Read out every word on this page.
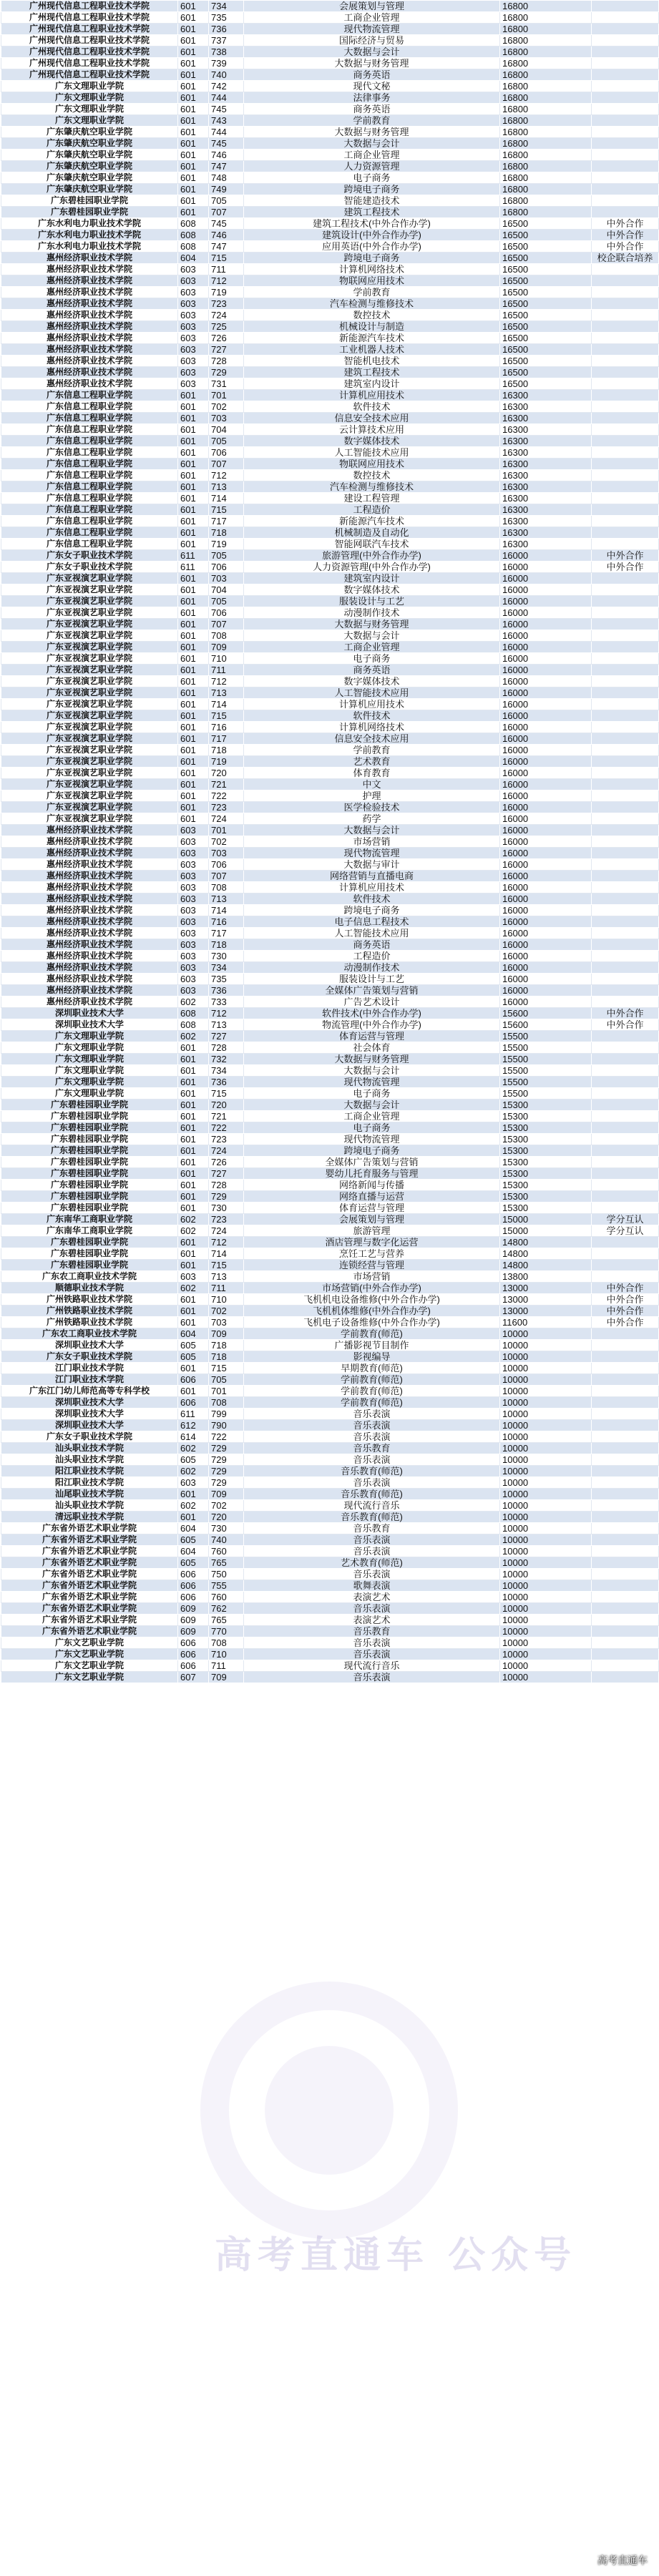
广州现代信息工程职业技术学院	601	734	会展策划与管理	16800	
广州现代信息工程职业技术学院	601	735	工商企业管理	16800	
广州现代信息工程职业技术学院	601	736	现代物流管理	16800	
广州现代信息工程职业技术学院	601	737	国际经济与贸易	16800	
广州现代信息工程职业技术学院	601	738	大数据与会计	16800	
广州现代信息工程职业技术学院	601	739	大数据与财务管理	16800	
广州现代信息工程职业技术学院	601	740	商务英语	16800	
广东文理职业学院	601	742	现代文秘	16800	
广东文理职业学院	601	744	法律事务	16800	
广东文理职业学院	601	745	商务英语	16800	
广东文理职业学院	601	743	学前教育	16800	
广东肇庆航空职业学院	601	744	大数据与财务管理	16800	
广东肇庆航空职业学院	601	745	大数据与会计	16800	
广东肇庆航空职业学院	601	746	工商企业管理	16800	
广东肇庆航空职业学院	601	747	人力资源管理	16800	
广东肇庆航空职业学院	601	748	电子商务	16800	
广东肇庆航空职业学院	601	749	跨境电子商务	16800	
广东碧桂园职业学院	601	705	智能建造技术	16800	
广东碧桂园职业学院	601	707	建筑工程技术	16800	
广东水利电力职业技术学院	608	745	建筑工程技术(中外合作办学)	16500	中外合作
广东水利电力职业技术学院	608	746	建筑设计(中外合作办学)	16500	中外合作
广东水利电力职业技术学院	608	747	应用英语(中外合作办学)	16500	中外合作
惠州经济职业技术学院	604	715	跨境电子商务	16500	校企联合培养
惠州经济职业技术学院	603	711	计算机网络技术	16500	
惠州经济职业技术学院	603	712	物联网应用技术	16500	
惠州经济职业技术学院	603	719	学前教育	16500	
惠州经济职业技术学院	603	723	汽车检测与维修技术	16500	
惠州经济职业技术学院	603	724	数控技术	16500	
惠州经济职业技术学院	603	725	机械设计与制造	16500	
惠州经济职业技术学院	603	726	新能源汽车技术	16500	
惠州经济职业技术学院	603	727	工业机器人技术	16500	
惠州经济职业技术学院	603	728	智能机电技术	16500	
惠州经济职业技术学院	603	729	建筑工程技术	16500	
惠州经济职业技术学院	603	731	建筑室内设计	16500	
广东信息工程职业学院	601	701	计算机应用技术	16300	
广东信息工程职业学院	601	702	软件技术	16300	
广东信息工程职业学院	601	703	信息安全技术应用	16300	
广东信息工程职业学院	601	704	云计算技术应用	16300	
广东信息工程职业学院	601	705	数字媒体技术	16300	
广东信息工程职业学院	601	706	人工智能技术应用	16300	
广东信息工程职业学院	601	707	物联网应用技术	16300	
广东信息工程职业学院	601	712	数控技术	16300	
广东信息工程职业学院	601	713	汽车检测与维修技术	16300	
广东信息工程职业学院	601	714	建设工程管理	16300	
广东信息工程职业学院	601	715	工程造价	16300	
广东信息工程职业学院	601	717	新能源汽车技术	16300	
广东信息工程职业学院	601	718	机械制造及自动化	16300	
广东信息工程职业学院	601	719	智能网联汽车技术	16300	
广东女子职业技术学院	611	705	旅游管理(中外合作办学)	16000	中外合作
广东女子职业技术学院	611	706	人力资源管理(中外合作办学)	16000	中外合作
广东亚视演艺职业学院	601	703	建筑室内设计	16000	
广东亚视演艺职业学院	601	704	数字媒体技术	16000	
广东亚视演艺职业学院	601	705	服装设计与工艺	16000	
广东亚视演艺职业学院	601	706	动漫制作技术	16000	
广东亚视演艺职业学院	601	707	大数据与财务管理	16000	
广东亚视演艺职业学院	601	708	大数据与会计	16000	
广东亚视演艺职业学院	601	709	工商企业管理	16000	
广东亚视演艺职业学院	601	710	电子商务	16000	
广东亚视演艺职业学院	601	711	商务英语	16000	
广东亚视演艺职业学院	601	712	数字媒体技术	16000	
广东亚视演艺职业学院	601	713	人工智能技术应用	16000	
广东亚视演艺职业学院	601	714	计算机应用技术	16000	
广东亚视演艺职业学院	601	715	软件技术	16000	
广东亚视演艺职业学院	601	716	计算机网络技术	16000	
广东亚视演艺职业学院	601	717	信息安全技术应用	16000	
广东亚视演艺职业学院	601	718	学前教育	16000	
广东亚视演艺职业学院	601	719	艺术教育	16000	
广东亚视演艺职业学院	601	720	体育教育	16000	
广东亚视演艺职业学院	601	721	中文	16000	
广东亚视演艺职业学院	601	722	护理	16000	
广东亚视演艺职业学院	601	723	医学检验技术	16000	
广东亚视演艺职业学院	601	724	药学	16000	
惠州经济职业技术学院	603	701	大数据与会计	16000	
惠州经济职业技术学院	603	702	市场营销	16000	
惠州经济职业技术学院	603	703	现代物流管理	16000	
惠州经济职业技术学院	603	706	大数据与审计	16000	
惠州经济职业技术学院	603	707	网络营销与直播电商	16000	
惠州经济职业技术学院	603	708	计算机应用技术	16000	
惠州经济职业技术学院	603	713	软件技术	16000	
惠州经济职业技术学院	603	714	跨境电子商务	16000	
惠州经济职业技术学院	603	716	电子信息工程技术	16000	
惠州经济职业技术学院	603	717	人工智能技术应用	16000	
惠州经济职业技术学院	603	718	商务英语	16000	
惠州经济职业技术学院	603	730	工程造价	16000	
惠州经济职业技术学院	603	734	动漫制作技术	16000	
惠州经济职业技术学院	603	735	服装设计与工艺	16000	
惠州经济职业技术学院	603	736	全媒体广告策划与营销	16000	
惠州经济职业技术学院	602	733	广告艺术设计	16000	
深圳职业技术大学	608	712	软件技术(中外合作办学)	15600	中外合作
深圳职业技术大学	608	713	物流管理(中外合作办学)	15600	中外合作
广东文理职业学院	602	727	体育运营与管理	15500	
广东文理职业学院	601	728	社会体育	15500	
广东文理职业学院	601	732	大数据与财务管理	15500	
广东文理职业学院	601	734	大数据与会计	15500	
广东文理职业学院	601	736	现代物流管理	15500	
广东文理职业学院	601	715	电子商务	15500	
广东碧桂园职业学院	601	720	大数据与会计	15300	
广东碧桂园职业学院	601	721	工商企业管理	15300	
广东碧桂园职业学院	601	722	电子商务	15300	
广东碧桂园职业学院	601	723	现代物流管理	15300	
广东碧桂园职业学院	601	724	跨境电子商务	15300	
广东碧桂园职业学院	601	726	全媒体广告策划与营销	15300	
广东碧桂园职业学院	601	727	婴幼儿托育服务与管理	15300	
广东碧桂园职业学院	601	728	网络新闻与传播	15300	
广东碧桂园职业学院	601	729	网络直播与运营	15300	
广东碧桂园职业学院	601	730	体育运营与管理	15300	
广东南华工商职业学院	602	723	会展策划与管理	15000	学分互认
广东南华工商职业学院	602	724	旅游管理	15000	学分互认
广东碧桂园职业学院	601	712	酒店管理与数字化运营	14800	
广东碧桂园职业学院	601	714	烹饪工艺与营养	14800	
广东碧桂园职业学院	601	715	连锁经营与管理	14800	
广东农工商职业技术学院	603	713	市场营销	13800	
顺德职业技术学院	602	711	市场营销(中外合作办学)	13000	中外合作
广州铁路职业技术学院	601	710	飞机机电设备维修(中外合作办学)	13000	中外合作
广州铁路职业技术学院	601	702	飞机机体维修(中外合作办学)	13000	中外合作
广州铁路职业技术学院	601	703	飞机电子设备维修(中外合作办学)	11600	中外合作
广东农工商职业技术学院	604	709	学前教育(师范)	10000	
深圳职业技术大学	605	718	广播影视节目制作	10000	
广东女子职业技术学院	605	718	影视编导	10000	
江门职业技术学院	601	715	早期教育(师范)	10000	
江门职业技术学院	606	705	学前教育(师范)	10000	
广东江门幼儿师范高等专科学校	601	701	学前教育(师范)	10000	
深圳职业技术大学	606	708	学前教育(师范)	10000	
深圳职业技术大学	611	799	音乐表演	10000	
深圳职业技术大学	612	790	音乐表演	10000	
广东女子职业技术学院	614	722	音乐表演	10000	
汕头职业技术学院	602	729	音乐教育	10000	
汕头职业技术学院	605	729	音乐表演	10000	
阳江职业技术学院	602	729	音乐教育(师范)	10000	
阳江职业技术学院	603	729	音乐表演	10000	
汕尾职业技术学院	601	709	音乐教育(师范)	10000	
汕头职业技术学院	602	702	现代流行音乐	10000	
清远职业技术学院	601	720	音乐教育(师范)	10000	
广东省外语艺术职业学院	604	730	音乐教育	10000	
广东省外语艺术职业学院	605	740	音乐表演	10000	
广东省外语艺术职业学院	604	760	音乐表演	10000	
广东省外语艺术职业学院	605	765	艺术教育(师范)	10000	
广东省外语艺术职业学院	606	750	音乐表演	10000	
广东省外语艺术职业学院	606	755	歌舞表演	10000	
广东省外语艺术职业学院	606	760	表演艺术	10000	
广东省外语艺术职业学院	609	762	音乐表演	10000	
广东省外语艺术职业学院	609	765	表演艺术	10000	
广东省外语艺术职业学院	609	770	音乐教育	10000	
广东文艺职业学院	606	708	音乐表演	10000	
广东文艺职业学院	606	710	音乐表演	10000	
广东文艺职业学院	606	711	现代流行音乐	10000	
广东文艺职业学院	607	709	音乐表演	10000	
高考直通车 公众号
高考直通车
